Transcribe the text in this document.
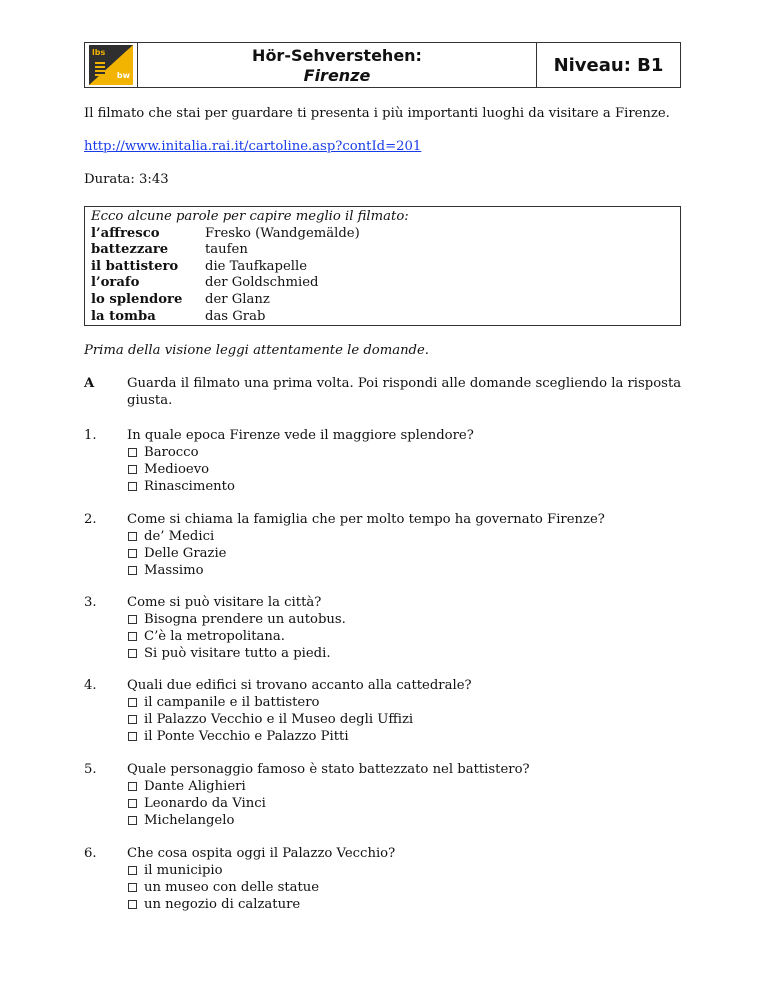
lbs
bw
Hör-Sehverstehen:
Firenze	Niveau: B1
Il filmato che stai per guardare ti presenta i più importanti luoghi da visitare a Firenze.
http://www.initalia.rai.it/cartoline.asp?contId=201
Durata: 3:43
Ecco alcune parole per capire meglio il filmato:
l’affresco	Fresko (Wandgemälde)
battezzare	taufen
il battistero	die Taufkapelle
l’orafo	der Goldschmied
lo splendore	der Glanz
la tomba	das Grab
Prima della visione leggi attentamente le domande.
A Guarda il filmato una prima volta. Poi rispondi alle domande scegliendo la risposta giusta.
1. In quale epoca Firenze vede il maggiore splendore?
Barocco
Medioevo
Rinascimento
2. Come si chiama la famiglia che per molto tempo ha governato Firenze?
de’ Medici
Delle Grazie
Massimo
3. Come si può visitare la città?
Bisogna prendere un autobus.
C’è la metropolitana.
Si può visitare tutto a piedi.
4. Quali due edifici si trovano accanto alla cattedrale?
il campanile e il battistero
il Palazzo Vecchio e il Museo degli Uffizi
il Ponte Vecchio e Palazzo Pitti
5. Quale personaggio famoso è stato battezzato nel battistero?
Dante Alighieri
Leonardo da Vinci
Michelangelo
6. Che cosa ospita oggi il Palazzo Vecchio?
il municipio
un museo con delle statue
un negozio di calzature
